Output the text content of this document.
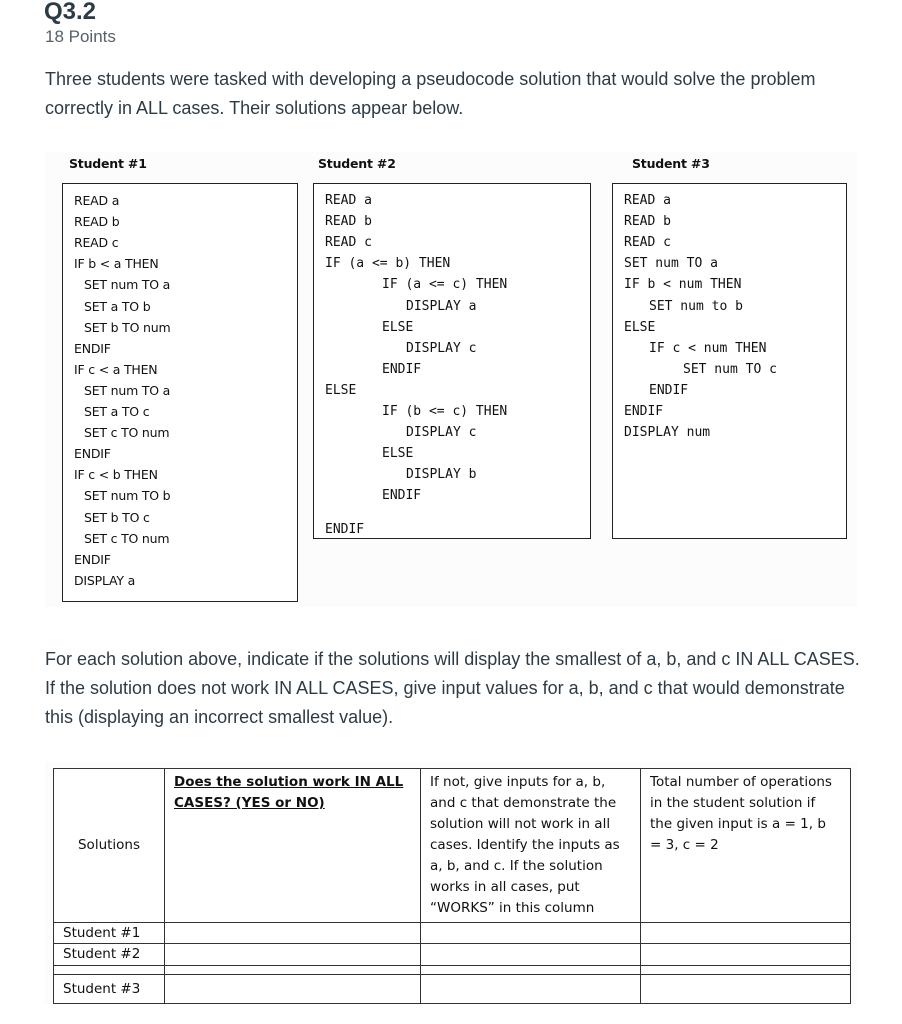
Q3.2
18 Points
Three students were tasked with developing a pseudocode solution that would solve the problem correctly in ALL cases. Their solutions appear below.
Student #1	Student #2	Student #3
READ a
READ b
READ c
IF b < a THEN
SET num TO a
SET a TO b
SET b TO num
ENDIF
IF c < a THEN
SET num TO a
SET a TO c
SET c TO num
ENDIF
IF c < b THEN
SET num TO b
SET b TO c
SET c TO num
ENDIF
DISPLAY a
READ a
READ b
READ c
IF (a <= b) THEN
IF (a <= c) THEN
DISPLAY a
ELSE
DISPLAY c
ENDIF
ELSE
IF (b <= c) THEN
DISPLAY c
ELSE
DISPLAY b
ENDIF
ENDIF
READ a
READ b
READ c
SET num TO a
IF b < num THEN
SET num to b
ELSE
IF c < num THEN
SET num TO c
ENDIF
ENDIF
DISPLAY num
For each solution above, indicate if the solutions will display the smallest of a, b, and c IN ALL CASES. If the solution does not work IN ALL CASES, give input values for a, b, and c that would demonstrate this (displaying an incorrect smallest value).
Solutions	Does the solution work IN ALL CASES? (YES or NO)	If not, give inputs for a, b, and c that demonstrate the solution will not work in all cases. Identify the inputs as a, b, and c. If the solution works in all cases, put “WORKS” in this column	Total number of operations in the student solution if the given input is a = 1, b = 3, c = 2
Student #1			
Student #2			

Student #3			
